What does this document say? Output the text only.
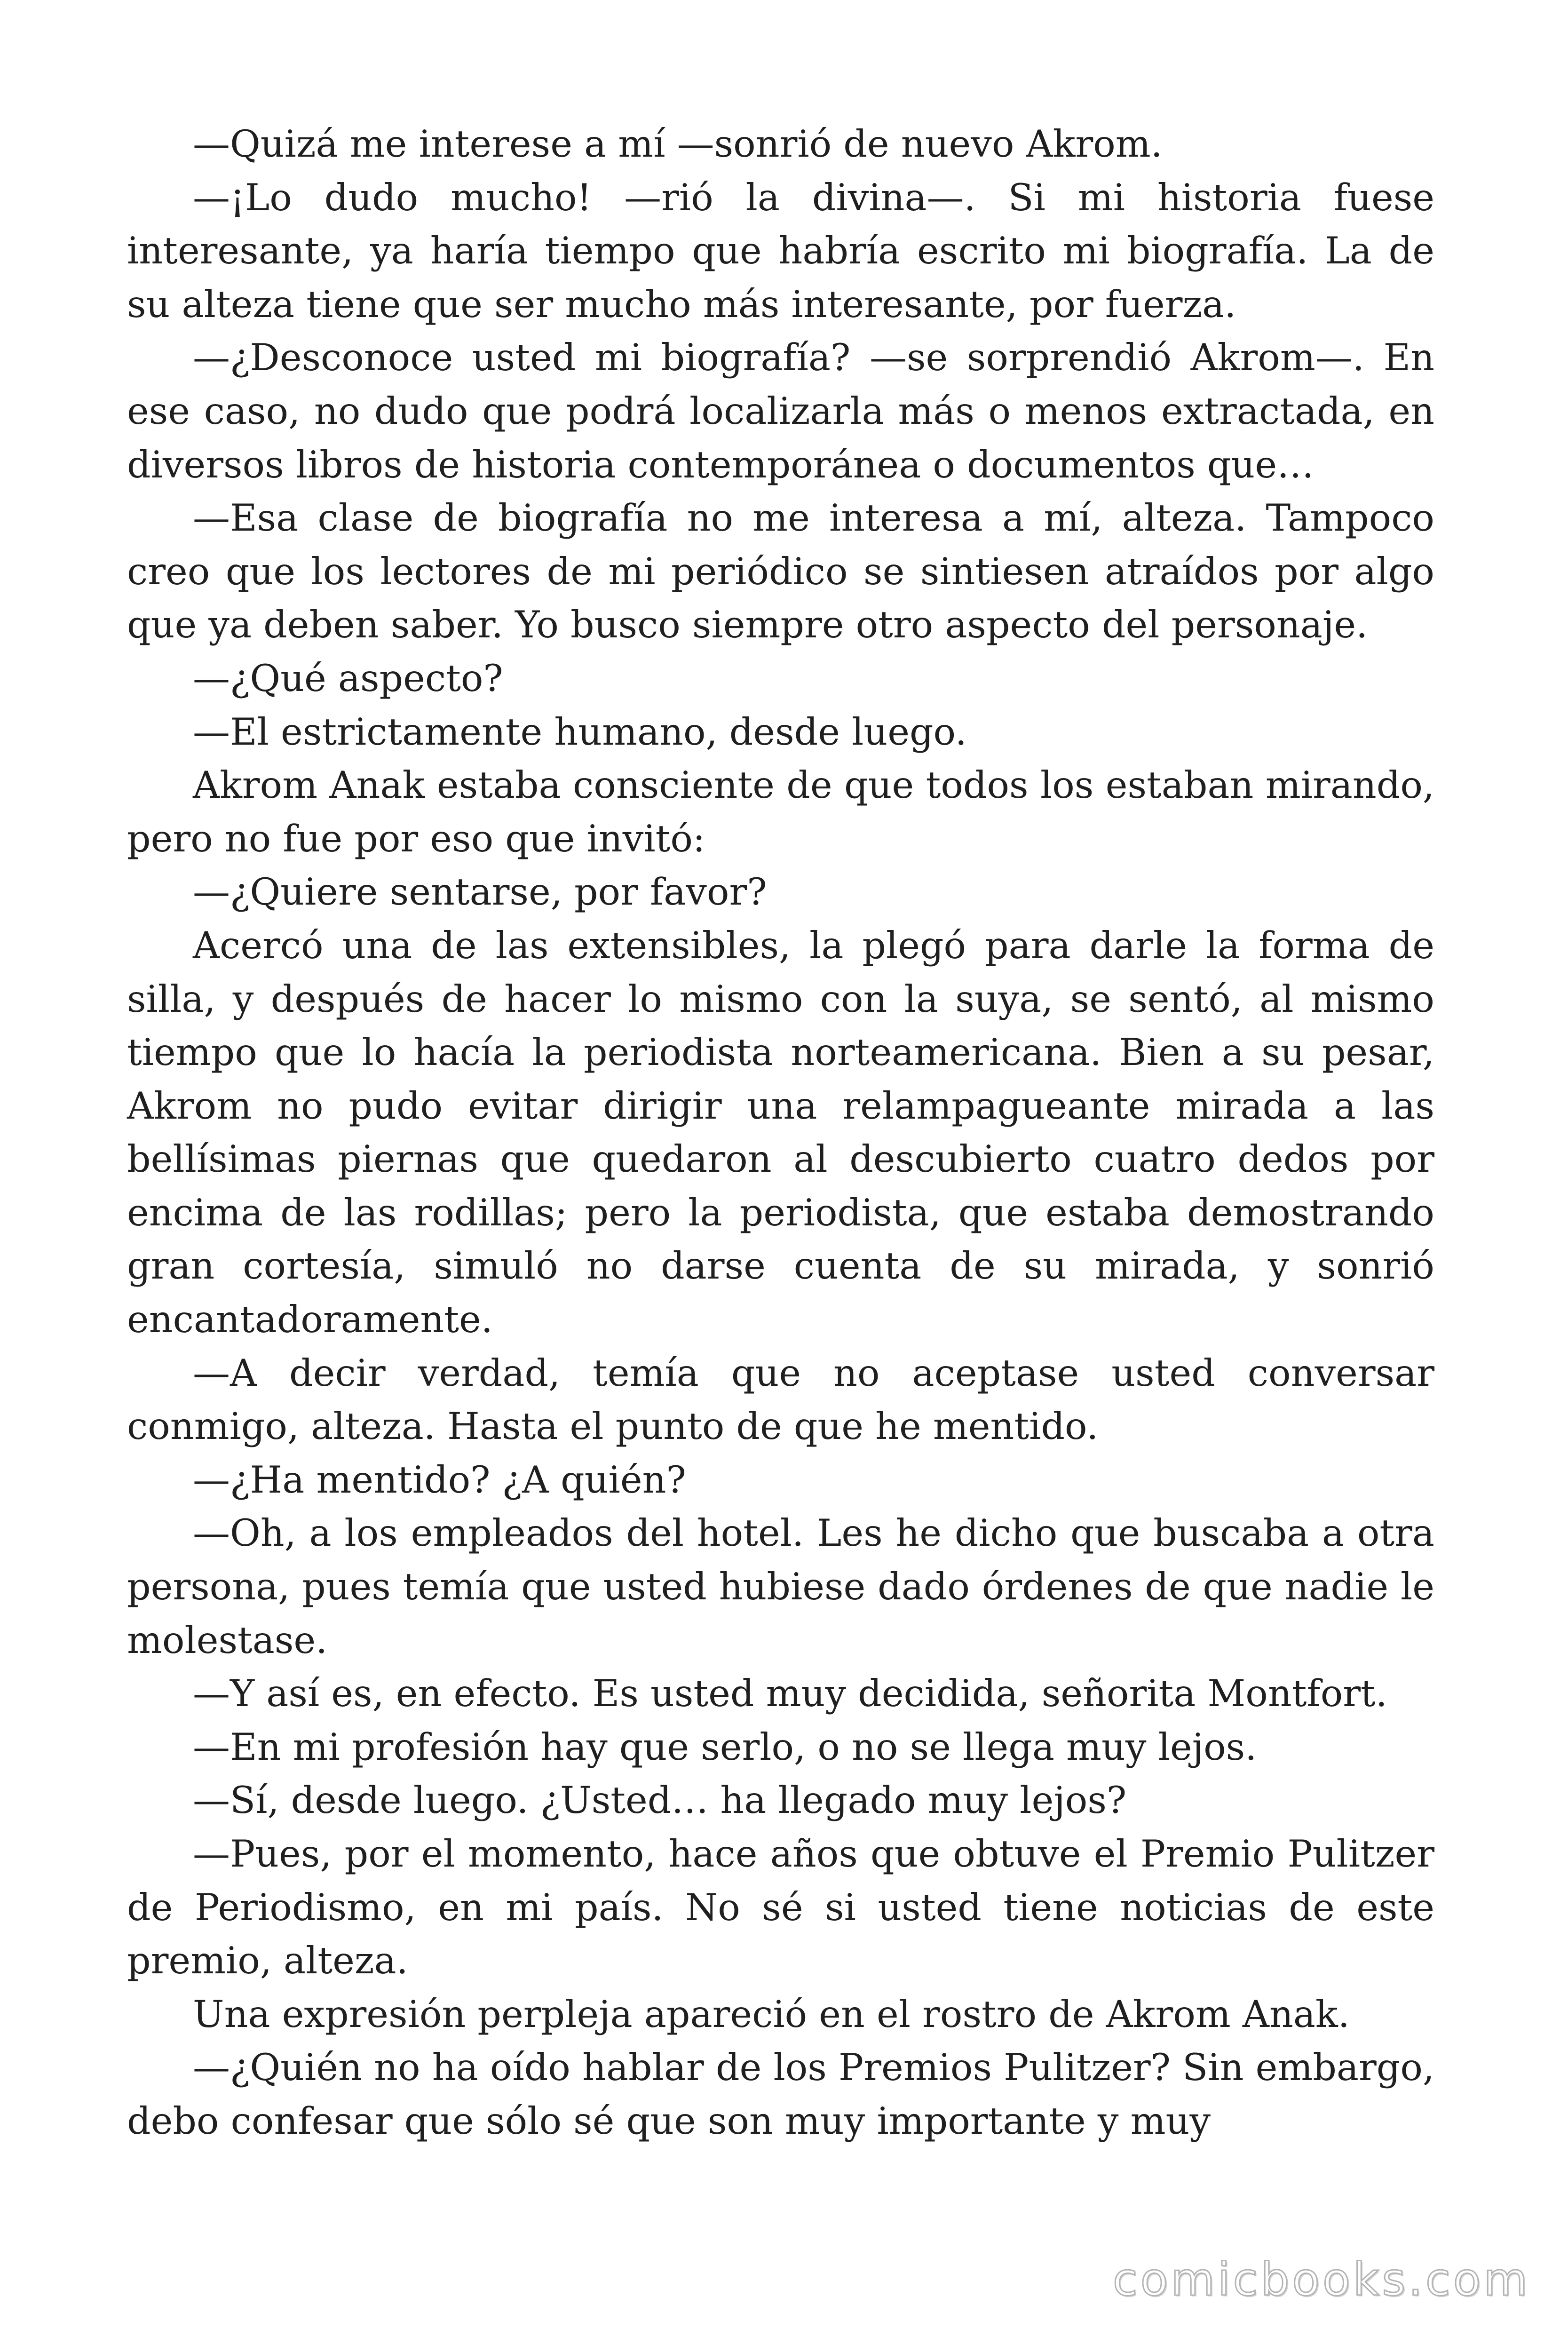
—Quizá me interese a mí —sonrió de nuevo Akrom.

—¡Lo dudo mucho! —rió la divina—. Si mi historia fuese interesante, ya haría tiempo que habría escrito mi biografía. La de su alteza tiene que ser mucho más interesante, por fuerza.

—¿Desconoce usted mi biografía? —se sorprendió Akrom—. En ese caso, no dudo que podrá localizarla más o menos extractada, en diversos libros de historia contemporánea o documentos que…

—Esa clase de biografía no me interesa a mí, alteza. Tampoco creo que los lectores de mi periódico se sintiesen atraídos por algo que ya deben saber. Yo busco siempre otro aspecto del personaje.

—¿Qué aspecto?

—El estrictamente humano, desde luego.

Akrom Anak estaba consciente de que todos los estaban mirando, pero no fue por eso que invitó:

—¿Quiere sentarse, por favor?

Acercó una de las extensibles, la plegó para darle la forma de silla, y después de hacer lo mismo con la suya, se sentó, al mismo tiempo que lo hacía la periodista norteamericana. Bien a su pesar, Akrom no pudo evitar dirigir una relampagueante mirada a las bellísimas piernas que quedaron al descubierto cuatro dedos por encima de las rodillas; pero la periodista, que estaba demostrando gran cortesía, simuló no darse cuenta de su mirada, y sonrió encantadoramente.

—A decir verdad, temía que no aceptase usted conversar conmigo, alteza. Hasta el punto de que he mentido.

—¿Ha mentido? ¿A quién?

—Oh, a los empleados del hotel. Les he dicho que buscaba a otra persona, pues temía que usted hubiese dado órdenes de que nadie le molestase.

—Y así es, en efecto. Es usted muy decidida, señorita Montfort.

—En mi profesión hay que serlo, o no se llega muy lejos.

—Sí, desde luego. ¿Usted… ha llegado muy lejos?

—Pues, por el momento, hace años que obtuve el Premio Pulitzer de Periodismo, en mi país. No sé si usted tiene noticias de este premio, alteza.

Una expresión perpleja apareció en el rostro de Akrom Anak.

—¿Quién no ha oído hablar de los Premios Pulitzer? Sin embargo, debo confesar que sólo sé que son muy importante y muy

comicbooks.com
